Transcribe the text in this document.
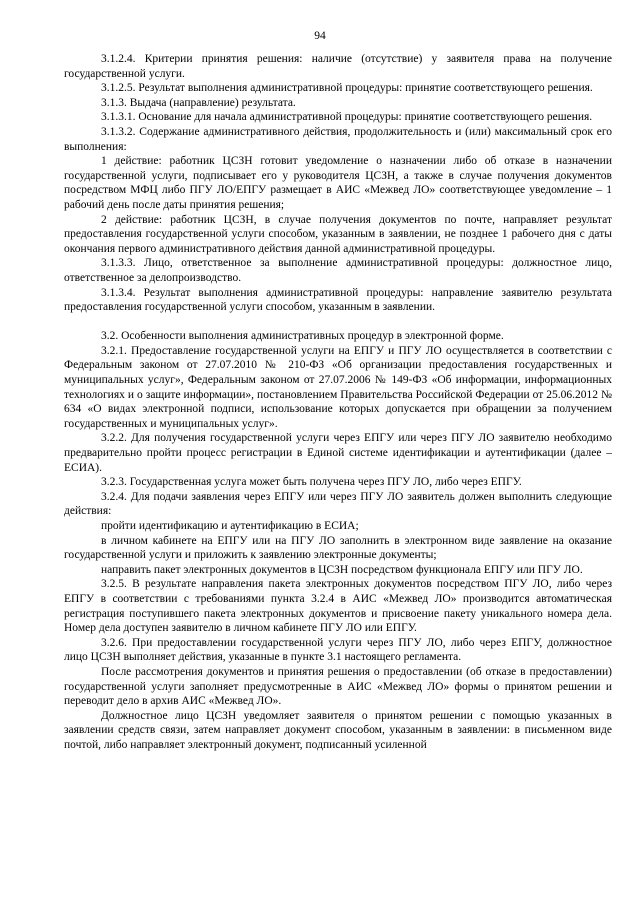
94

3.1.2.4. Критерии принятия решения: наличие (отсутствие) у заявителя права на получение государственной услуги.

3.1.2.5. Результат выполнения административной процедуры: принятие соответствующего решения.

3.1.3. Выдача (направление) результата.

3.1.3.1. Основание для начала административной процедуры: принятие соответствующего решения.

3.1.3.2. Содержание административного действия, продолжительность и (или) максимальный срок его выполнения:

1 действие: работник ЦСЗН готовит уведомление о назначении либо об отказе в назначении государственной услуги, подписывает его у руководителя ЦСЗН, а также в случае получения документов посредством МФЦ либо ПГУ ЛО/ЕПГУ размещает в АИС «Межвед ЛО» соответствующее уведомление – 1 рабочий день после даты принятия решения;

2 действие: работник ЦСЗН, в случае получения документов по почте, направляет результат предоставления государственной услуги способом, указанным в заявлении, не позднее 1 рабочего дня с даты окончания первого административного действия данной административной процедуры.

3.1.3.3. Лицо, ответственное за выполнение административной процедуры: должностное лицо, ответственное за делопроизводство.

3.1.3.4. Результат выполнения административной процедуры: направление заявителю результата предоставления государственной услуги способом, указанным в заявлении.

3.2. Особенности выполнения административных процедур в электронной форме.

3.2.1. Предоставление государственной услуги на ЕПГУ и ПГУ ЛО осуществляется в соответствии с Федеральным законом от 27.07.2010 № 210-ФЗ «Об организации предоставления государственных и муниципальных услуг», Федеральным законом от 27.07.2006 № 149-ФЗ «Об информации, информационных технологиях и о защите информации», постановлением Правительства Российской Федерации от 25.06.2012 № 634 «О видах электронной подписи, использование которых допускается при обращении за получением государственных и муниципальных услуг».

3.2.2. Для получения государственной услуги через ЕПГУ или через ПГУ ЛО заявителю необходимо предварительно пройти процесс регистрации в Единой системе идентификации и аутентификации (далее – ЕСИА).

3.2.3. Государственная услуга может быть получена через ПГУ ЛО, либо через ЕПГУ.

3.2.4. Для подачи заявления через ЕПГУ или через ПГУ ЛО заявитель должен выполнить следующие действия:

пройти идентификацию и аутентификацию в ЕСИА;

в личном кабинете на ЕПГУ или на ПГУ ЛО заполнить в электронном виде заявление на оказание государственной услуги и приложить к заявлению электронные документы;

направить пакет электронных документов в ЦСЗН посредством функционала ЕПГУ или ПГУ ЛО.

3.2.5. В результате направления пакета электронных документов посредством ПГУ ЛО, либо через ЕПГУ в соответствии с требованиями пункта 3.2.4 в АИС «Межвед ЛО» производится автоматическая регистрация поступившего пакета электронных документов и присвоение пакету уникального номера дела. Номер дела доступен заявителю в личном кабинете ПГУ ЛО или ЕПГУ.

3.2.6. При предоставлении государственной услуги через ПГУ ЛО, либо через ЕПГУ, должностное лицо ЦСЗН выполняет действия, указанные в пункте 3.1 настоящего регламента.

После рассмотрения документов и принятия решения о предоставлении (об отказе в предоставлении) государственной услуги заполняет предусмотренные в АИС «Межвед ЛО» формы о принятом решении и переводит дело в архив АИС «Межвед ЛО».

Должностное лицо ЦСЗН уведомляет заявителя о принятом решении с помощью указанных в заявлении средств связи, затем направляет документ способом, указанным в заявлении: в письменном виде почтой, либо направляет электронный документ, подписанный усиленной
